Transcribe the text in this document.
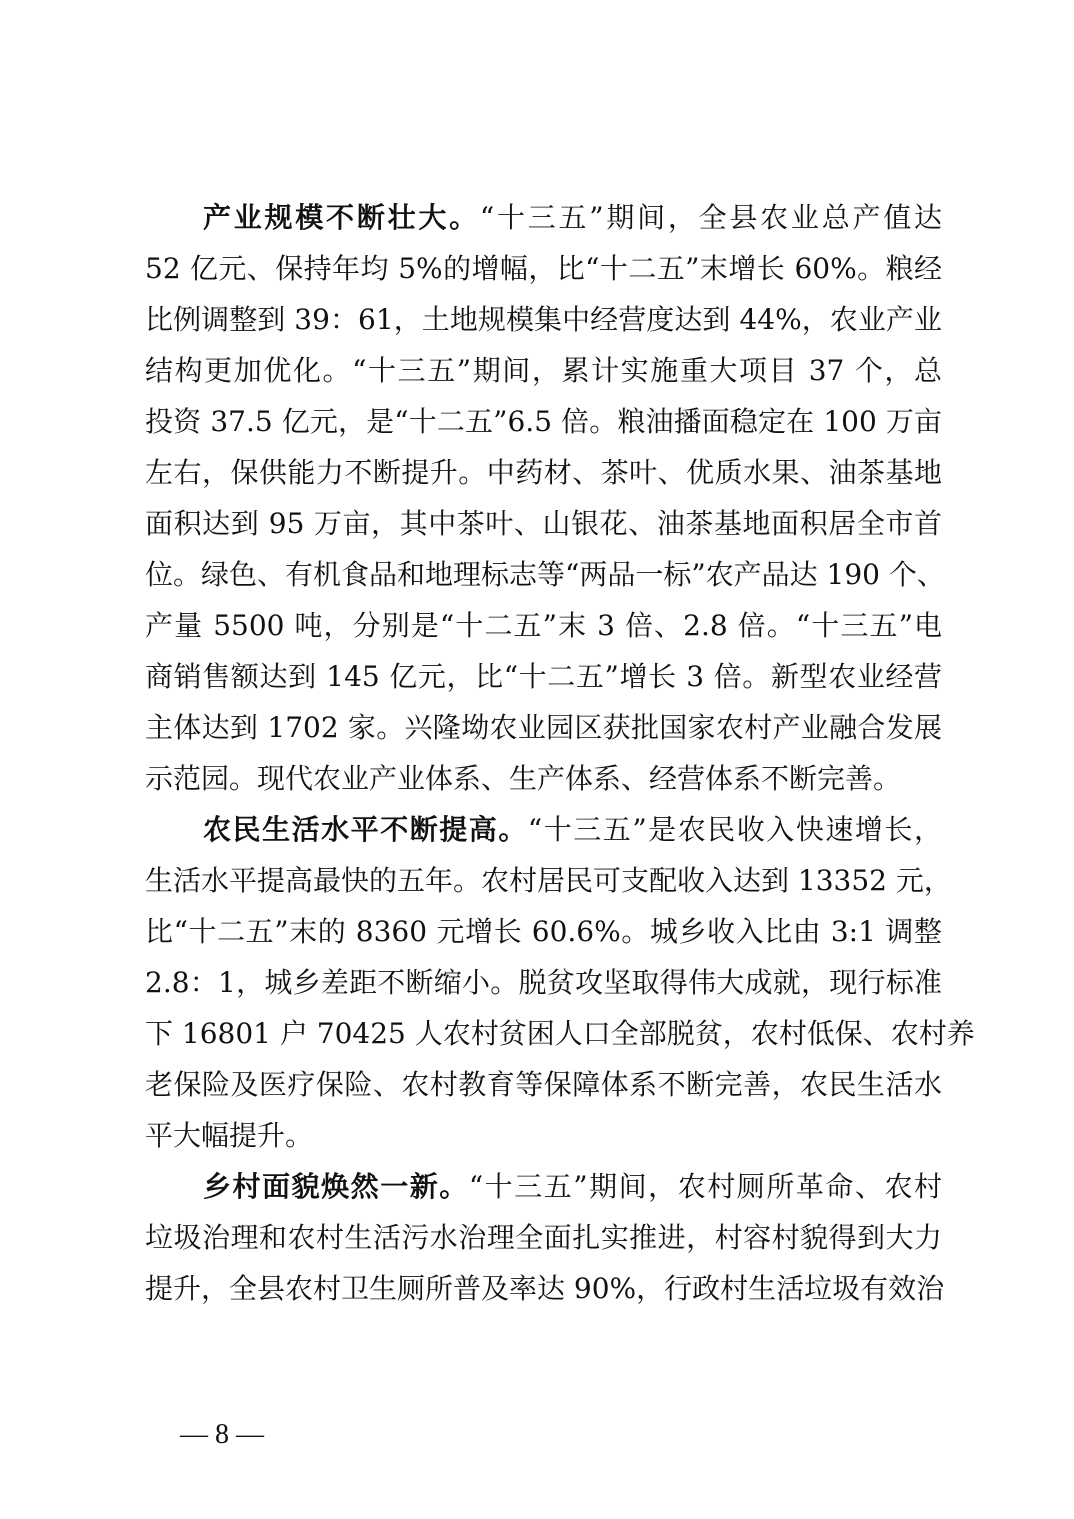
产业规模不断壮大。“十三五”期间，全县农业总产值达
52 亿元、保持年均 5%的增幅，比“十二五”末增长 60%。粮经
比例调整到 39：61，土地规模集中经营度达到 44%，农业产业
结构更加优化。“十三五”期间，累计实施重大项目 37 个，总
投资 37.5 亿元，是“十二五”6.5 倍。粮油播面稳定在 100 万亩
左右，保供能力不断提升。中药材、茶叶、优质水果、油茶基地
面积达到 95 万亩，其中茶叶、山银花、油茶基地面积居全市首
位。绿色、有机食品和地理标志等“两品一标”农产品达 190 个、
产量 5500 吨，分别是“十二五”末 3 倍、2.8 倍。“十三五”电
商销售额达到 145 亿元，比“十二五”增长 3 倍。新型农业经营
主体达到 1702 家。兴隆坳农业园区获批国家农村产业融合发展
示范园。现代农业产业体系、生产体系、经营体系不断完善。
农民生活水平不断提高。“十三五”是农民收入快速增长，
生活水平提高最快的五年。农村居民可支配收入达到 13352 元，
比“十二五”末的 8360 元增长 60.6%。城乡收入比由 3:1 调整
2.8：1，城乡差距不断缩小。脱贫攻坚取得伟大成就，现行标准
下 16801 户 70425 人农村贫困人口全部脱贫，农村低保、农村养
老保险及医疗保险、农村教育等保障体系不断完善，农民生活水
平大幅提升。
乡村面貌焕然一新。“十三五”期间，农村厕所革命、农村
垃圾治理和农村生活污水治理全面扎实推进，村容村貌得到大力
提升，全县农村卫生厕所普及率达 90%，行政村生活垃圾有效治
— 8 —
